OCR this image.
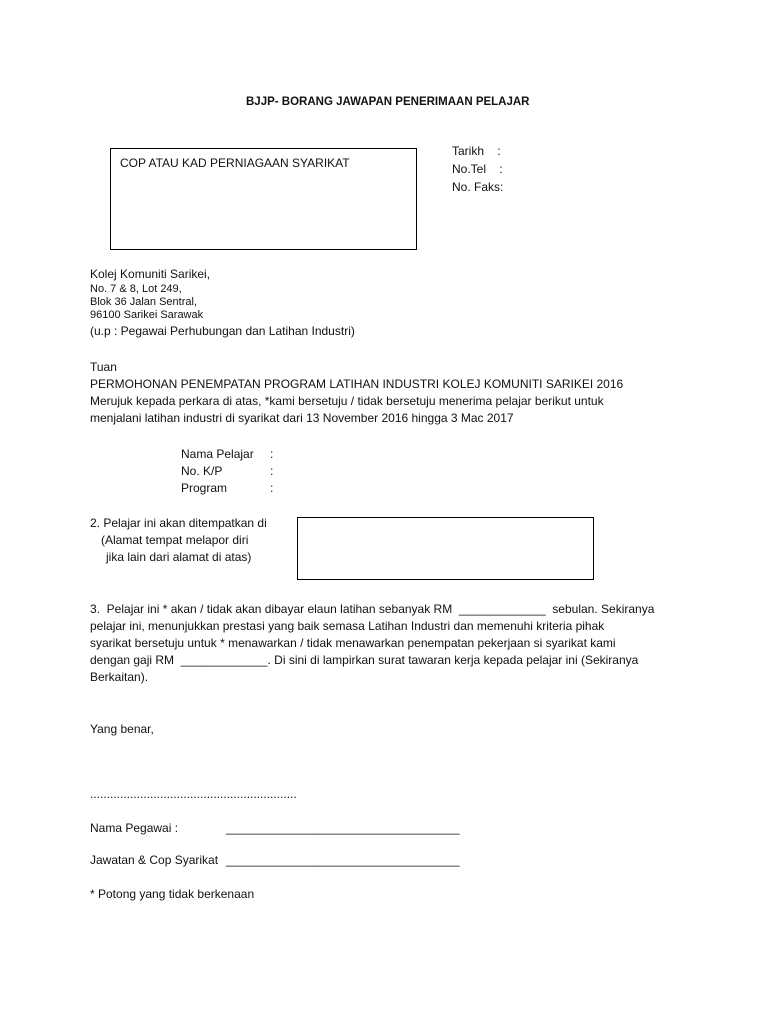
BJJP- BORANG JAWAPAN PENERIMAAN PELAJAR
COP ATAU KAD PERNIAGAAN SYARIKAT
Tarikh    :
No.Tel    :
No. Faks:
Kolej Komuniti Sarikei,
No. 7 & 8, Lot 249,
Blok 36 Jalan Sentral,
96100 Sarikei Sarawak
(u.p : Pegawai Perhubungan dan Latihan Industri)
Tuan
PERMOHONAN PENEMPATAN PROGRAM LATIHAN INDUSTRI KOLEJ KOMUNITI SARIKEI 2016
Merujuk kepada perkara di atas, *kami bersetuju / tidak bersetuju menerima pelajar berikut untuk
menjalani latihan industri di syarikat dari 13 November 2016 hingga 3 Mac 2017
Nama Pelajar :
No. K/P	:
Program	:
2. Pelajar ini akan ditempatkan di
(Alamat tempat melapor diri
jika lain dari alamat di atas)
3.  Pelajar ini * akan / tidak akan dibayar elaun latihan sebanyak RM  _____________  sebulan. Sekiranya
pelajar ini, menunjukkan prestasi yang baik semasa Latihan Industri dan memenuhi kriteria pihak
syarikat bersetuju untuk * menawarkan / tidak menawarkan penempatan pekerjaan si syarikat kami
dengan gaji RM  _____________. Di sini di lampirkan surat tawaran kerja kepada pelajar ini (Sekiranya
Berkaitan).
Yang benar,
..............................................................
Nama Pegawai :	___________________________________
Jawatan & Cop Syarikat ___________________________________
* Potong yang tidak berkenaan
